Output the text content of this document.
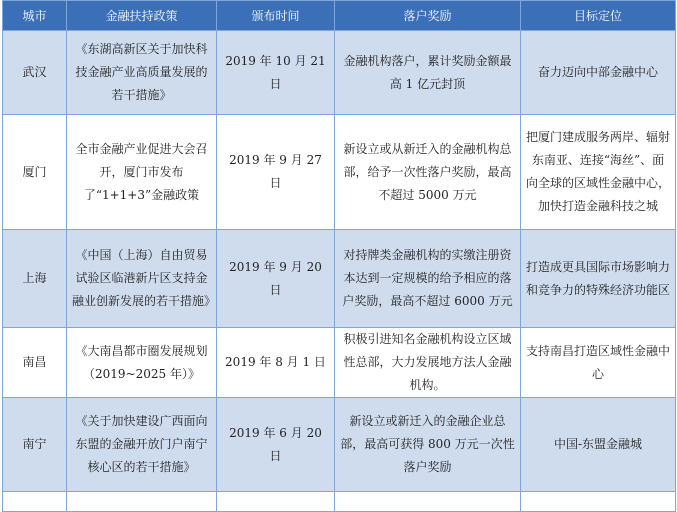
城市	金融扶持政策	颁布时间	落户奖励	目标定位
武汉	《东湖高新区关于加快科技金融产业高质量发展的若干措施》	2019 年 10 月 21 日	金融机构落户，累计奖励金额最高 1 亿元封顶	奋力迈向中部金融中心
厦门	全市金融产业促进大会召开，厦门市发布了“1+1+3”金融政策	2019 年 9 月 27 日	新设立或从新迁入的金融机构总部，给予一次性落户奖励，最高不超过 5000 万元	把厦门建成服务两岸、辐射东南亚、连接“海丝”、面向全球的区域性金融中心，加快打造金融科技之城
上海	《中国（上海）自由贸易试验区临港新片区支持金融业创新发展的若干措施》	2019 年 9 月 20 日	对持牌类金融机构的实缴注册资本达到一定规模的给予相应的落户奖励，最高不超过 6000 万元	打造成更具国际市场影响力和竞争力的特殊经济功能区
南昌	《大南昌都市圈发展规划（2019~2025 年）》	2019 年 8 月 1 日	积极引进知名金融机构设立区域性总部，大力发展地方法人金融机构。	支持南昌打造区域性金融中心
南宁	《关于加快建设广西面向东盟的金融开放门户南宁核心区的若干措施》	2019 年 6 月 20 日	新设立或新迁入的金融企业总部，最高可获得 800 万元一次性落户奖励	中国-东盟金融城
